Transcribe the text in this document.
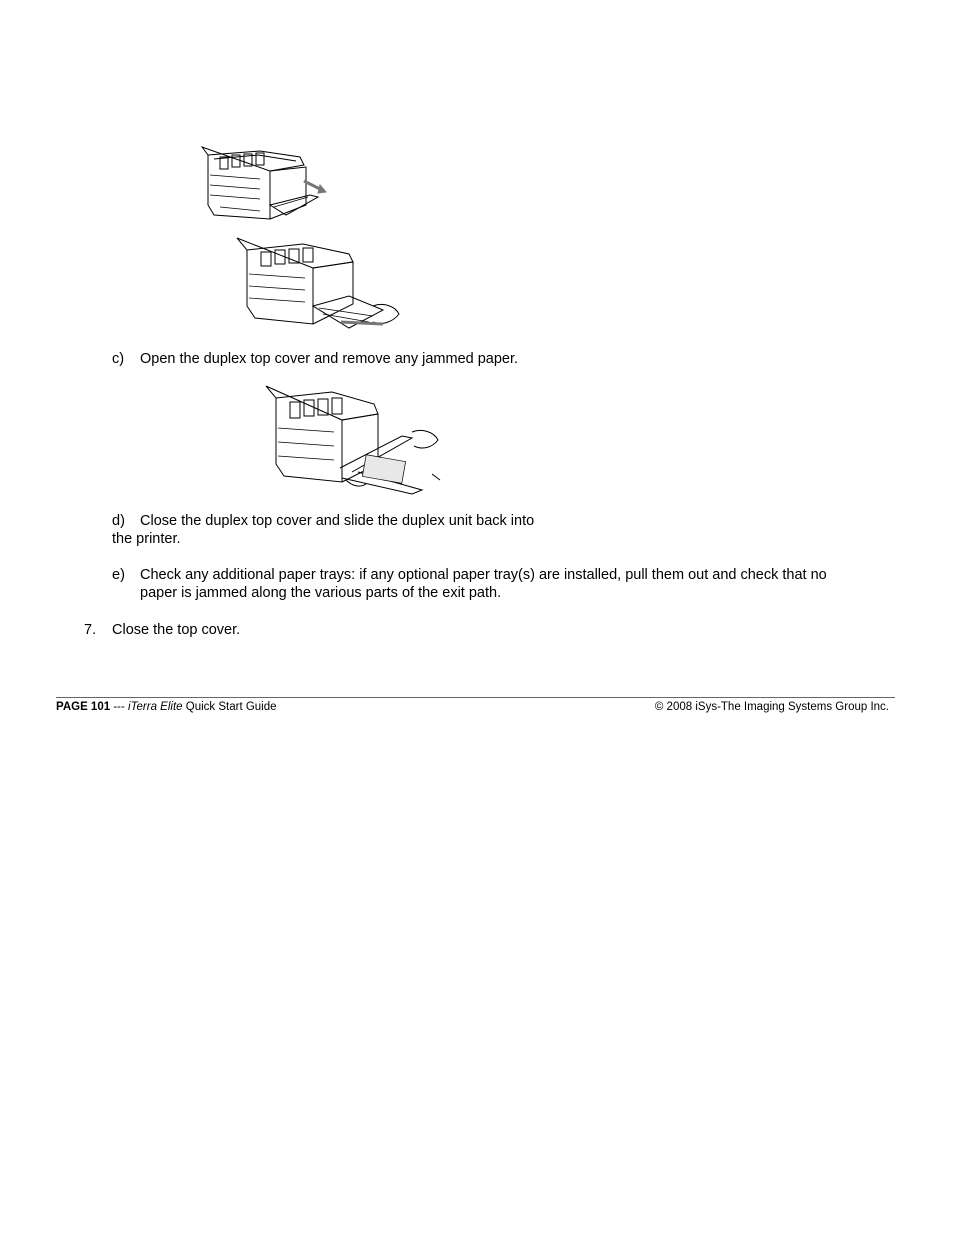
c) Open the duplex top cover and remove any jammed paper.
d) Close the duplex top cover and slide the duplex unit back into
the printer.
e) Check any additional paper trays: if any optional paper tray(s) are installed, pull them out and check that no
paper is jammed along the various parts of the exit path.
7. Close the top cover.
PAGE 101 --- iTerra Elite Quick Start Guide	© 2008 iSys-The Imaging Systems Group Inc.
